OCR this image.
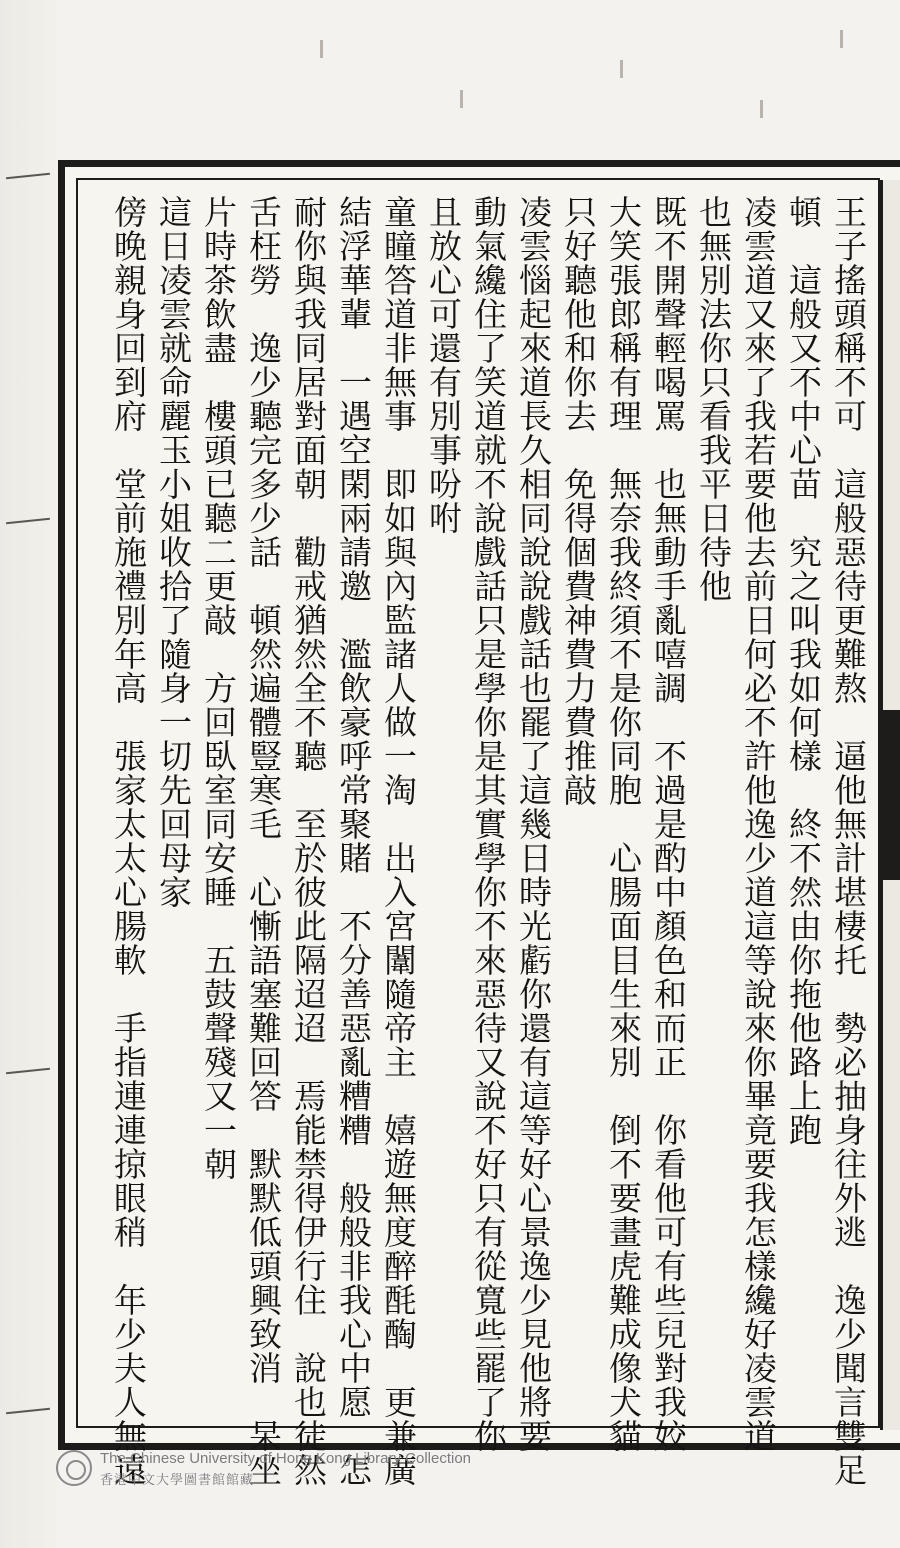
王子搖頭稱不可　這般惡待更難熬　逼他無計堪棲托　勢必抽身往外逃　逸少聞言雙足
頓　這般又不中心苗　究之叫我如何樣　終不然由你拖他路上跑
凌雲道又來了我若要他去前日何必不許他逸少道這等說來你畢竟要我怎樣纔好凌雲道
也無別法你只看我平日待他
既不開聲輕喝罵　也無動手亂嘻調　不過是酌中顏色和而正　你看他可有些兒對我姣
大笑張郎稱有理　無奈我終須不是你同胞　心腸面目生來別　倒不要畫虎難成像犬貓
只好聽他和你去　免得個費神費力費推敲
凌雲惱起來道長久相同說說戲話也罷了這幾日時光虧你還有這等好心景逸少見他將要
動氣纔住了笑道就不說戲話只是學你是其實學你不來惡待又說不好只有從寬些罷了你
且放心可還有別事吩咐
童瞳答道非無事　即如與內監諸人做一淘　出入宮闈隨帝主　嬉遊無度醉酕醄　更兼廣
結浮華輩　一遇空閑兩請邀　濫飲豪呼常聚賭　不分善惡亂糟糟　般般非我心中愿　怎
耐你與我同居對面朝　勸戒猶然全不聽　至於彼此隔迢迢　焉能禁得伊行住　說也徒然
舌枉勞　逸少聽完多少話　頓然遍體豎寒毛　心慚語塞難回答　默默低頭興致消　呆坐
片時茶飲盡　樓頭已聽二更敲　方回臥室同安睡　五鼓聲殘又一朝
這日凌雲就命麗玉小姐收拾了隨身一切先回母家
傍晚親身回到府　堂前施禮別年高　張家太太心腸軟　手指連連掠眼稍　年少夫人無遠
The Chinese University of Hong Kong Library Collection
香港中文大學圖書館館藏
